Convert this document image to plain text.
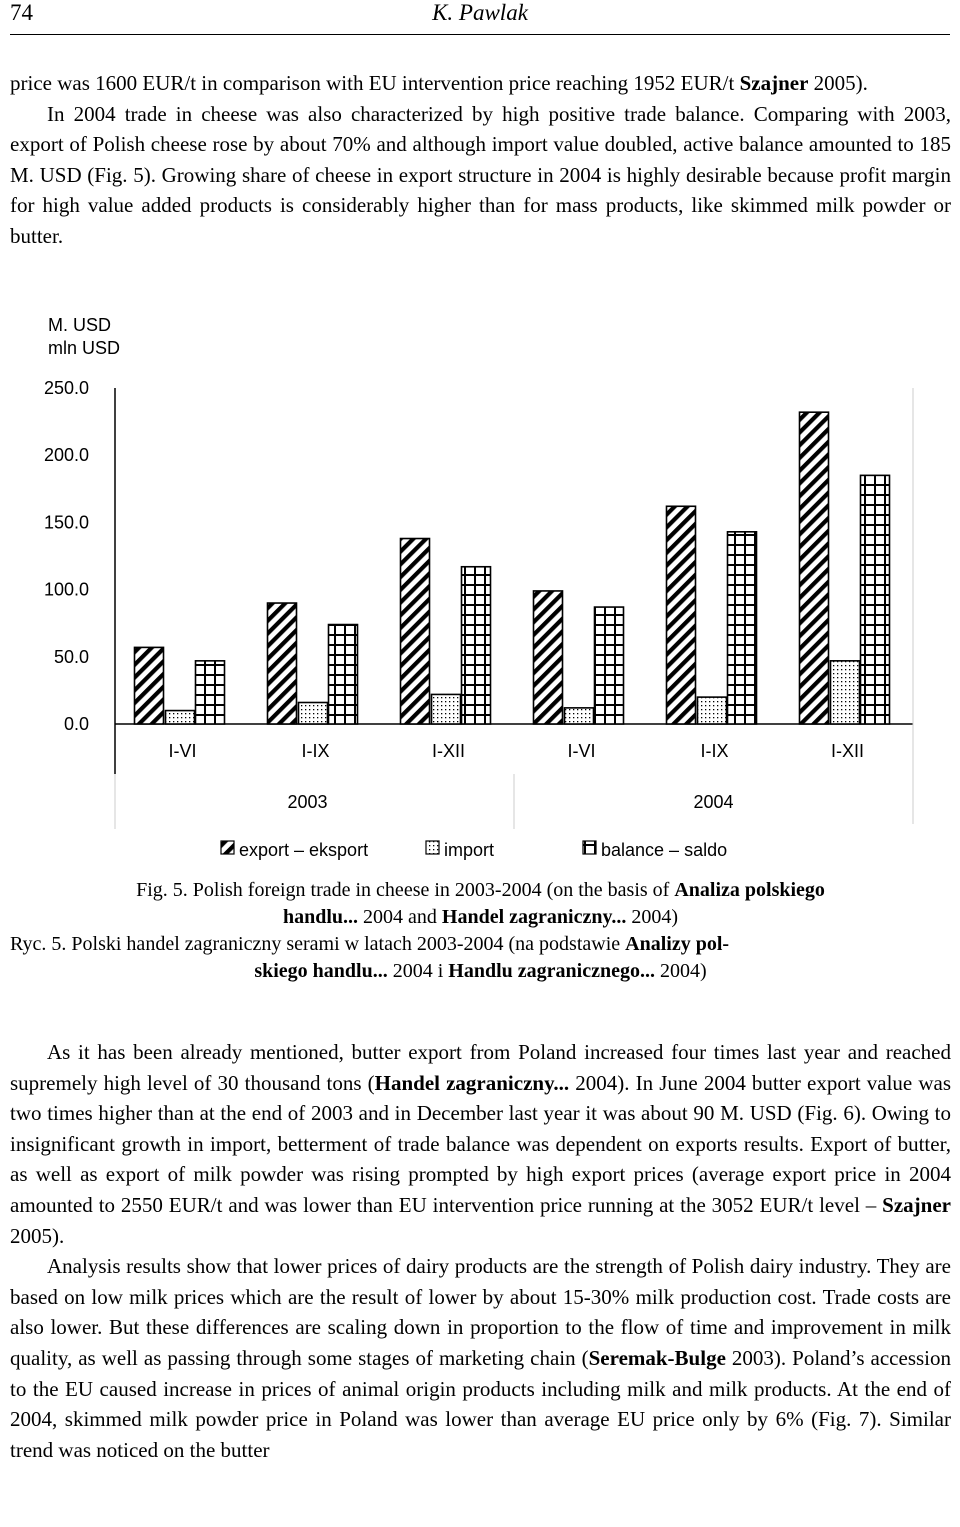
74	K. Pawlak

price was 1600 EUR/t in comparison with EU intervention price reaching 1952 EUR/t Szajner 2005).

In 2004 trade in cheese was also characterized by high positive trade balance. Comparing with 2003, export of Polish cheese rose by about 70% and although import value doubled, active balance amounted to 185 M. USD (Fig. 5). Growing share of cheese in export structure in 2004 is highly desirable because profit margin for high value added products is considerably higher than for mass products, like skimmed milk powder or butter.

M. USD
mln USD
250.0
200.0
150.0
100.0
50.0
0.0
I-VI	I-IX	I-XII	I-VI	I-IX	I-XII
2003	2004
export – eksport	import	balance – saldo
Fig. 5. Polish foreign trade in cheese in 2003-2004 (on the basis of Analiza polskiego
handlu... 2004 and Handel zagraniczny... 2004)
Ryc. 5. Polski handel zagraniczny serami w latach 2003-2004 (na podstawie Analizy pol-
skiego handlu... 2004 i Handlu zagranicznego... 2004)

As it has been already mentioned, butter export from Poland increased four times last year and reached supremely high level of 30 thousand tons (Handel zagraniczny... 2004). In June 2004 butter export value was two times higher than at the end of 2003 and in December last year it was about 90 M. USD (Fig. 6). Owing to insignificant growth in import, betterment of trade balance was dependent on exports results. Export of butter, as well as export of milk powder was rising prompted by high export prices (average export price in 2004 amounted to 2550 EUR/t and was lower than EU intervention price running at the 3052 EUR/t level – Szajner 2005).

Analysis results show that lower prices of dairy products are the strength of Polish dairy industry. They are based on low milk prices which are the result of lower by about 15-30% milk production cost. Trade costs are also lower. But these differences are scaling down in proportion to the flow of time and improvement in milk quality, as well as passing through some stages of marketing chain (Seremak-Bulge 2003). Poland’s accession to the EU caused increase in prices of animal origin products including milk and milk products. At the end of 2004, skimmed milk powder price in Poland was lower than average EU price only by 6% (Fig. 7). Similar trend was noticed on the butter
